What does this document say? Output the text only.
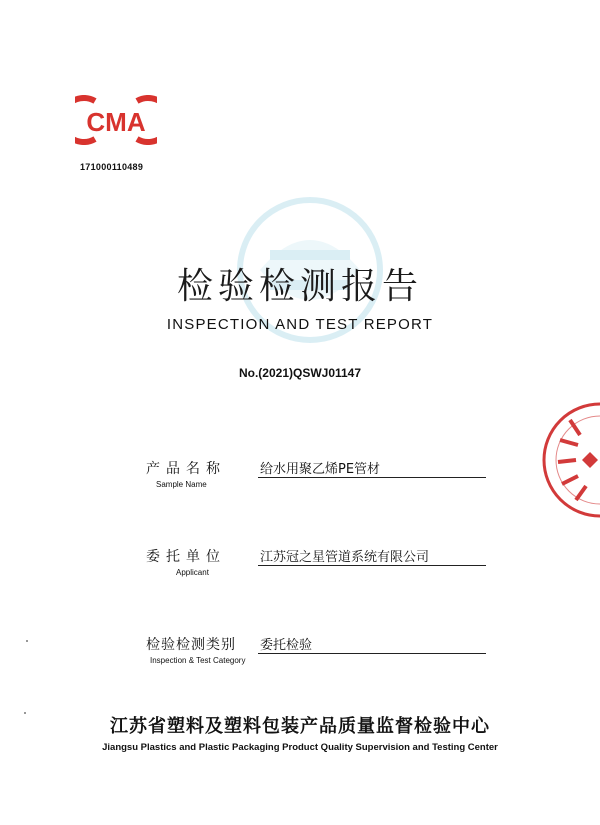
CMA
171000110489
检验检测报告
INSPECTION AND TEST REPORT
No.(2021)QSWJ01147
产品名称
Sample Name
给水用聚乙烯PE管材
委托单位
Applicant
江苏冠之星管道系统有限公司
检验检测类别
Inspection & Test Category
委托检验
江苏省塑料及塑料包装产品质量监督检验中心
Jiangsu Plastics and Plastic Packaging Product Quality Supervision and Testing Center
